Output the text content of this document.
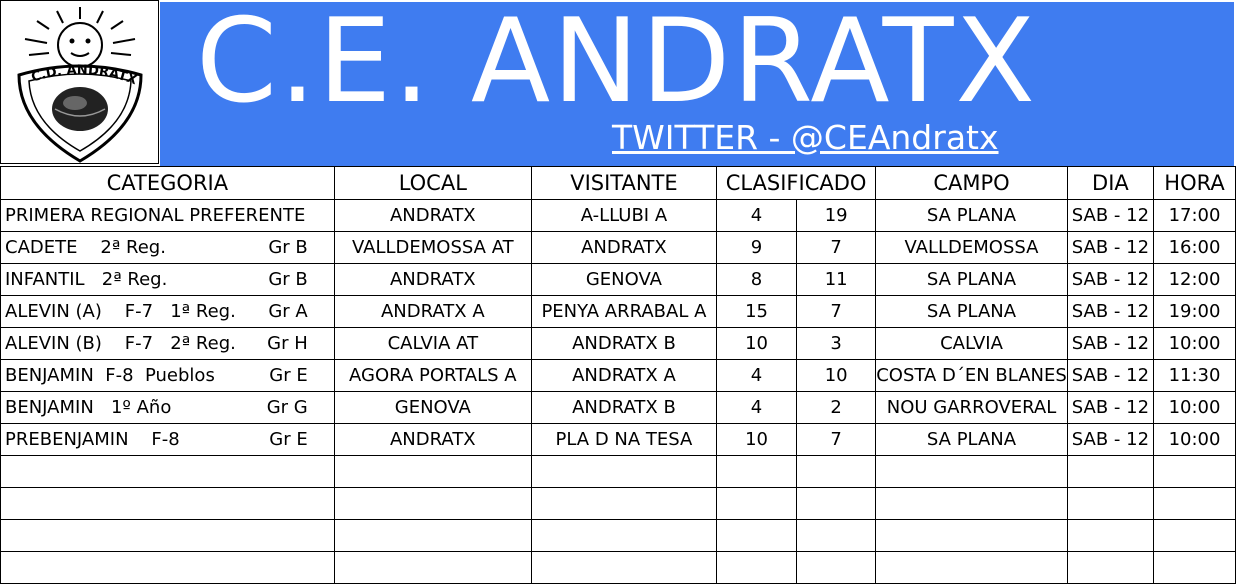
C.D. ANDRATX C.E. ANDRATX
TWITTER - @CEAndratx
CATEGORIA	LOCAL	VISITANTE	CLASIFICADO		CAMPO	DIA	HORA

PRIMERA REGIONAL PREFERENTE	ANDRATX	A-LLUBI A	4	19	SA PLANA	SAB - 12	17:00

CADETE    2ª Reg. Gr B	VALLDEMOSSA AT	ANDRATX	9	7	VALLDEMOSSA	SAB - 12	16:00

INFANTIL   2ª Reg. Gr B	ANDRATX	GENOVA	8	11	SA PLANA	SAB - 12	12:00

ALEVIN (A)    F-7   1ª Reg. Gr A	ANDRATX A	PENYA ARRABAL A	15	7	SA PLANA	SAB - 12	19:00

ALEVIN (B)    F-7   2ª Reg. Gr H	CALVIA AT	ANDRATX B	10	3	CALVIA	SAB - 12	10:00

BENJAMIN  F-8  Pueblos Gr E	AGORA PORTALS A	ANDRATX A	4	10	COSTA D´EN BLANES	SAB - 12	11:30

BENJAMIN   1º Año Gr G	GENOVA	ANDRATX B	4	2	NOU GARROVERAL	SAB - 12	10:00

PREBENJAMIN    F-8 Gr E	ANDRATX	PLA D NA TESA	10	7	SA PLANA	SAB - 12	10:00
